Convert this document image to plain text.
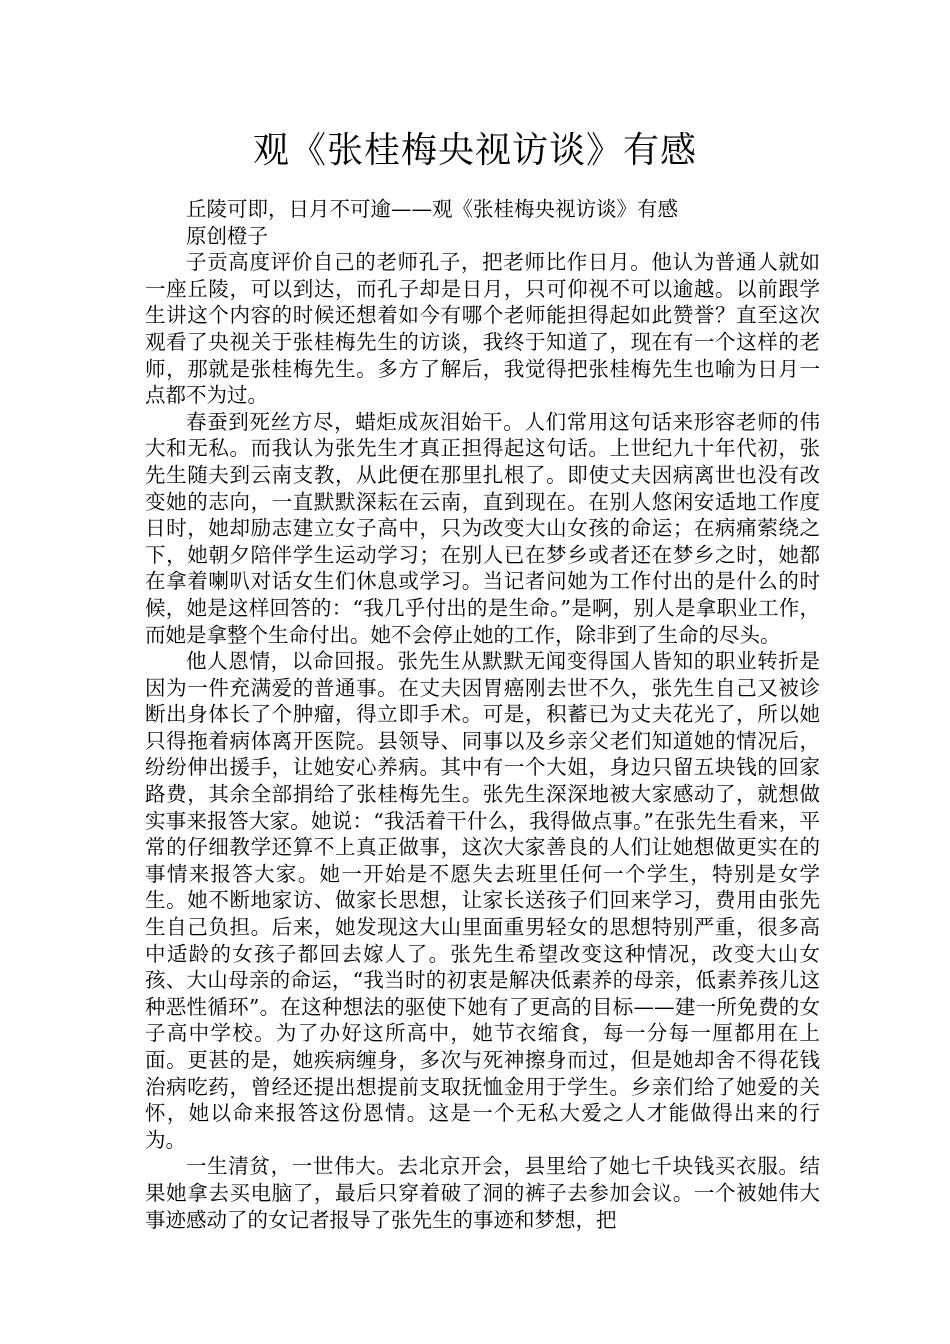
观《张桂梅央视访谈》有感

丘陵可即，日月不可逾——观《张桂梅央视访谈》有感

原创橙子

子贡高度评价自己的老师孔子，把老师比作日月。他认为普通人就如一座丘陵，可以到达，而孔子却是日月，只可仰视不可以逾越。以前跟学生讲这个内容的时候还想着如今有哪个老师能担得起如此赞誉？直至这次观看了央视关于张桂梅先生的访谈，我终于知道了，现在有一个这样的老师，那就是张桂梅先生。多方了解后，我觉得把张桂梅先生也喻为日月一点都不为过。

春蚕到死丝方尽，蜡炬成灰泪始干。人们常用这句话来形容老师的伟大和无私。而我认为张先生才真正担得起这句话。上世纪九十年代初，张先生随夫到云南支教，从此便在那里扎根了。即使丈夫因病离世也没有改变她的志向，一直默默深耘在云南，直到现在。在别人悠闲安适地工作度日时，她却励志建立女子高中，只为改变大山女孩的命运；在病痛萦绕之下，她朝夕陪伴学生运动学习；在别人已在梦乡或者还在梦乡之时，她都在拿着喇叭对话女生们休息或学习。当记者问她为工作付出的是什么的时候，她是这样回答的：“我几乎付出的是生命。”是啊，别人是拿职业工作，而她是拿整个生命付出。她不会停止她的工作，除非到了生命的尽头。

他人恩情，以命回报。张先生从默默无闻变得国人皆知的职业转折是因为一件充满爱的普通事。在丈夫因胃癌刚去世不久，张先生自己又被诊断出身体长了个肿瘤，得立即手术。可是，积蓄已为丈夫花光了，所以她只得拖着病体离开医院。县领导、同事以及乡亲父老们知道她的情况后，纷纷伸出援手，让她安心养病。其中有一个大姐，身边只留五块钱的回家路费，其余全部捐给了张桂梅先生。张先生深深地被大家感动了，就想做实事来报答大家。她说：“我活着干什么，我得做点事。”在张先生看来，平常的仔细教学还算不上真正做事，这次大家善良的人们让她想做更实在的事情来报答大家。她一开始是不愿失去班里任何一个学生，特别是女学生。她不断地家访、做家长思想，让家长送孩子们回来学习，费用由张先生自己负担。后来，她发现这大山里面重男轻女的思想特别严重，很多高中适龄的女孩子都回去嫁人了。张先生希望改变这种情况，改变大山女孩、大山母亲的命运，“我当时的初衷是解决低素养的母亲，低素养孩儿这种恶性循环”。在这种想法的驱使下她有了更高的目标——建一所免费的女子高中学校。为了办好这所高中，她节衣缩食，每一分每一厘都用在上面。更甚的是，她疾病缠身，多次与死神擦身而过，但是她却舍不得花钱治病吃药，曾经还提出想提前支取抚恤金用于学生。乡亲们给了她爱的关怀，她以命来报答这份恩情。这是一个无私大爱之人才能做得出来的行为。

一生清贫，一世伟大。去北京开会，县里给了她七千块钱买衣服。结果她拿去买电脑了，最后只穿着破了洞的裤子去参加会议。一个被她伟大事迹感动了的女记者报导了张先生的事迹和梦想，把
